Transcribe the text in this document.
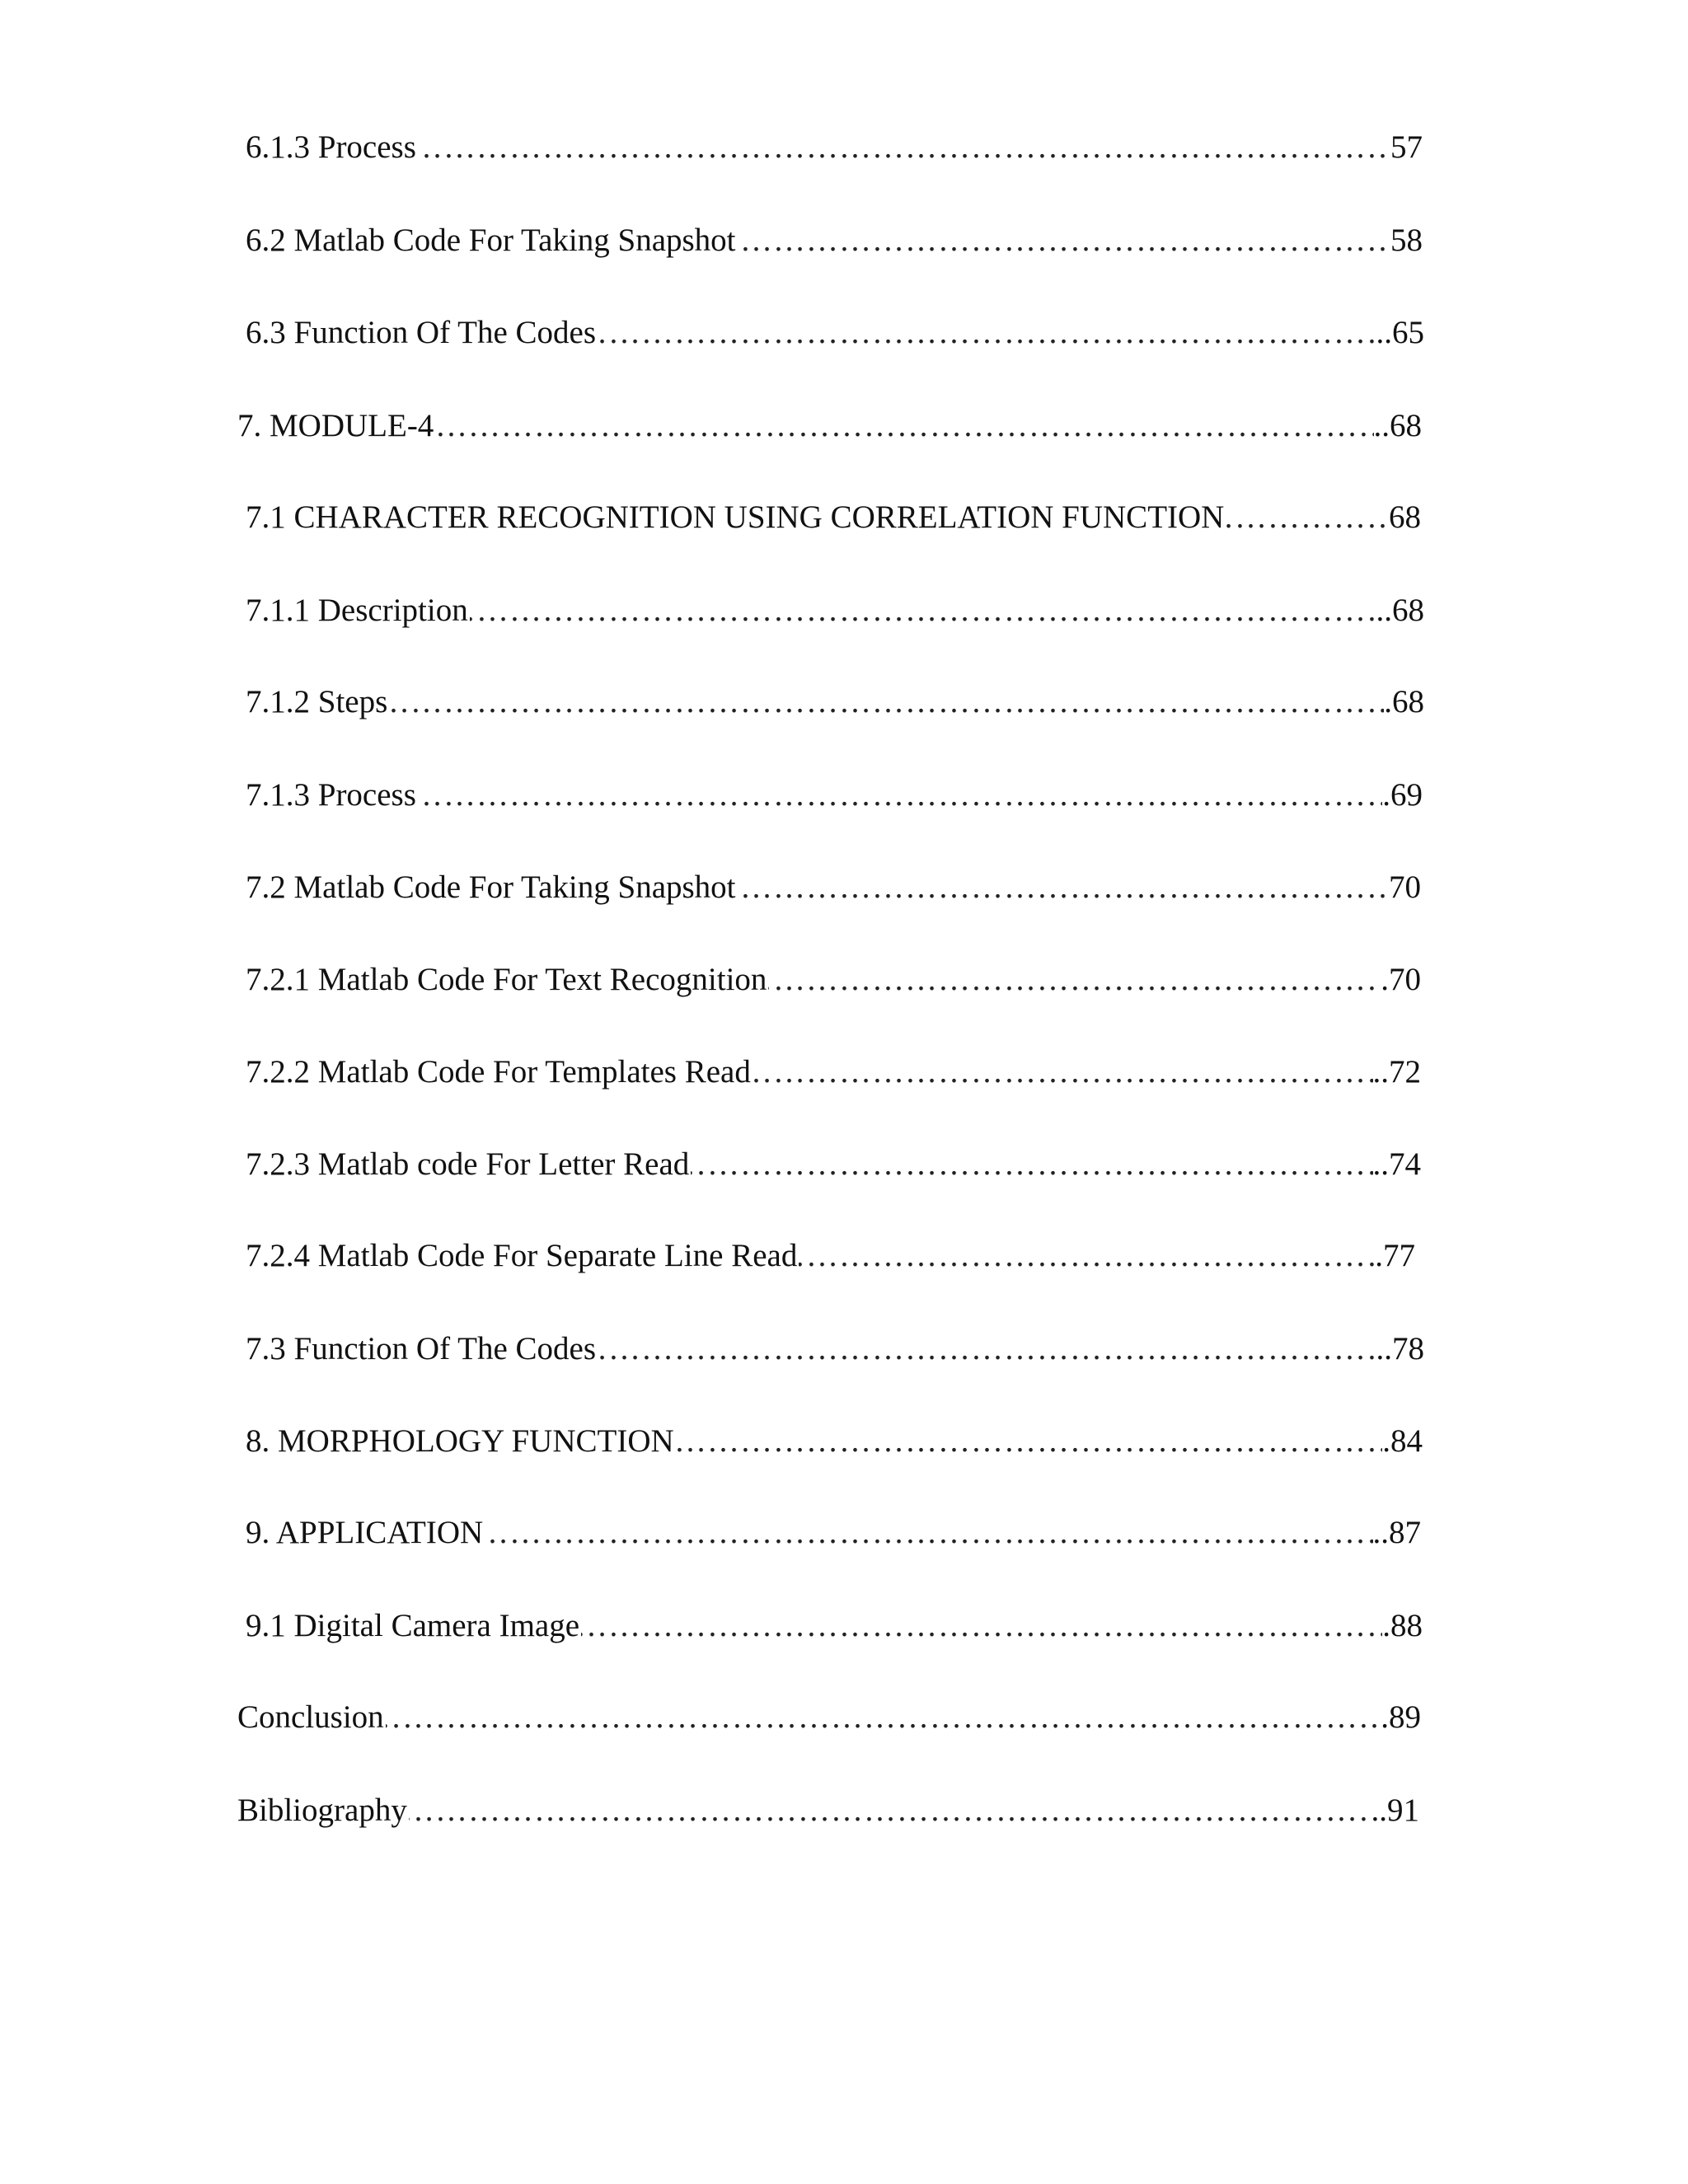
…………………………………………………………………………………………………………………………………………………………………………………
6.1.3 Process	57
…………………………………………………………………………………………………………………………………………………………………………………
6.2 Matlab Code For Taking Snapshot	58
…………………………………………………………………………………………………………………………………………………………………………………
6.3 Function Of The Codes	..65
…………………………………………………………………………………………………………………………………………………………………………………
7. MODULE-4	..68
…………………………………………………………………………………………………………………………………………………………………………………
7.1 CHARACTER RECOGNITION USING CORRELATION FUNCTION	68
…………………………………………………………………………………………………………………………………………………………………………………
7.1.1 Description	..68
…………………………………………………………………………………………………………………………………………………………………………………
7.1.2 Steps	.68
…………………………………………………………………………………………………………………………………………………………………………………
7.1.3 Process	.69
…………………………………………………………………………………………………………………………………………………………………………………
7.2 Matlab Code For Taking Snapshot	70
…………………………………………………………………………………………………………………………………………………………………………………
7.2.1 Matlab Code For Text Recognition	.70
…………………………………………………………………………………………………………………………………………………………………………………
7.2.2 Matlab Code For Templates Read	..72
…………………………………………………………………………………………………………………………………………………………………………………
7.2.3 Matlab code For Letter Read	..74
…………………………………………………………………………………………………………………………………………………………………………………
7.2.4 Matlab Code For Separate Line Read	.77
…………………………………………………………………………………………………………………………………………………………………………………
7.3 Function Of The Codes	..78
…………………………………………………………………………………………………………………………………………………………………………………
8. MORPHOLOGY FUNCTION	.84
…………………………………………………………………………………………………………………………………………………………………………………
9. APPLICATION	..87
…………………………………………………………………………………………………………………………………………………………………………………
9.1 Digital Camera Image	.88
…………………………………………………………………………………………………………………………………………………………………………………
Conclusion	.89
…………………………………………………………………………………………………………………………………………………………………………………
Bibliography	..91
